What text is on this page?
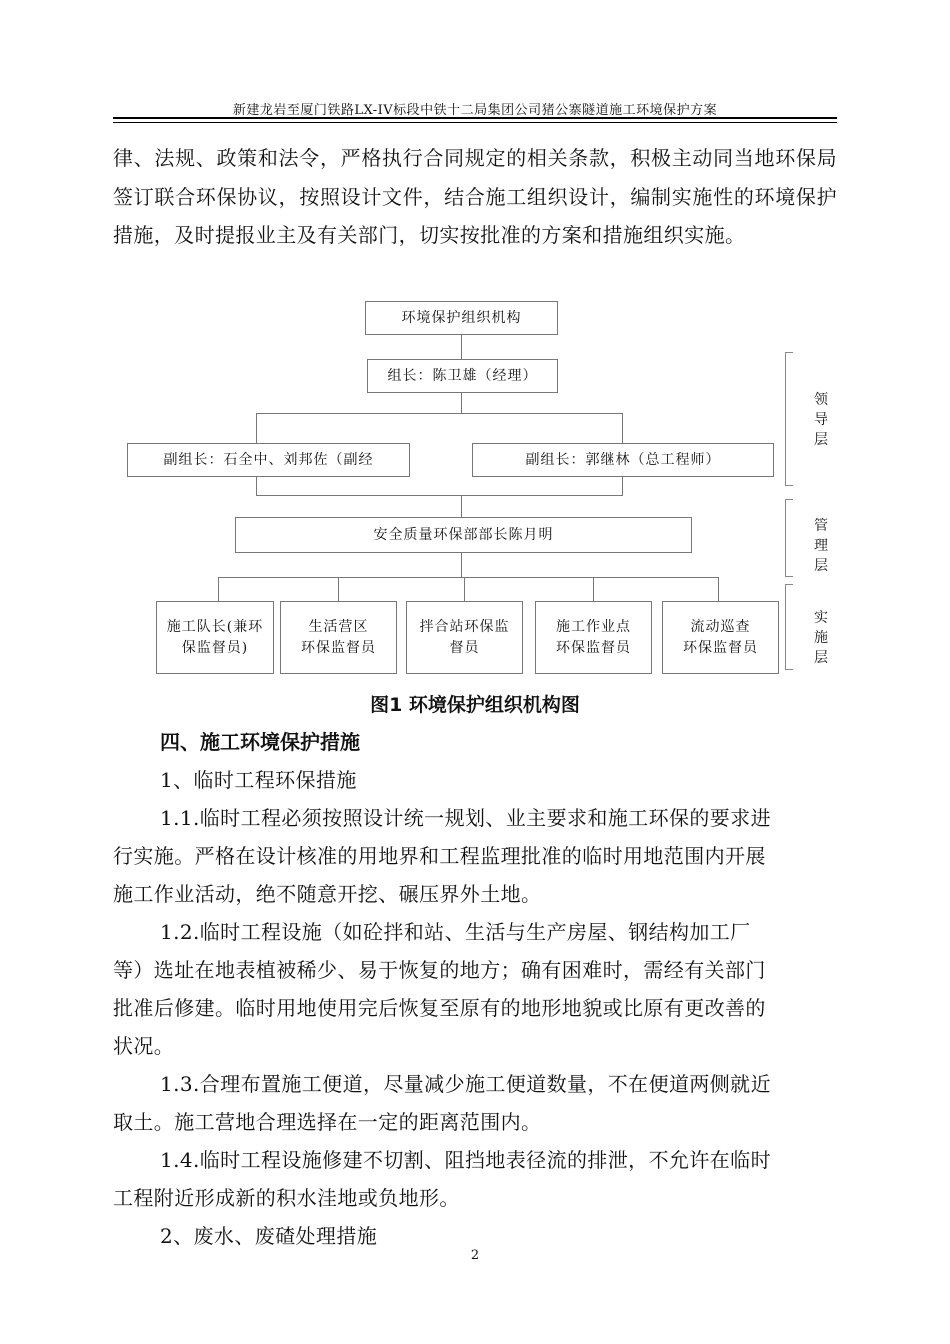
新建龙岩至厦门铁路LX-IV标段中铁十二局集团公司猪公寨隧道施工环境保护方案
律、法规、政策和法令，严格执行合同规定的相关条款，积极主动同当地环保局签订联合环保协议，按照设计文件，结合施工组织设计，编制实施性的环境保护措施，及时提报业主及有关部门，切实按批准的方案和措施组织实施。
环境保护组织机构
组长：陈卫雄（经理）
副组长：石全中、刘邦佐（副经	副组长：郭继林（总工程师）
安全质量环保部部长陈月明
施工队长(兼环
保监督员)
生活营区
环保监督员
拌合站环保监
督员
施工作业点
环保监督员
流动巡查
环保监督员
领
导
层
管
理
层
实
施
层
图1 环境保护组织机构图
四、施工环境保护措施
1、临时工程环保措施
1.1.临时工程必须按照设计统一规划、业主要求和施工环保的要求进
行实施。严格在设计核准的用地界和工程监理批准的临时用地范围内开展
施工作业活动，绝不随意开挖、碾压界外土地。
1.2.临时工程设施（如砼拌和站、生活与生产房屋、钢结构加工厂
等）选址在地表植被稀少、易于恢复的地方；确有困难时，需经有关部门
批准后修建。临时用地使用完后恢复至原有的地形地貌或比原有更改善的
状况。
1.3.合理布置施工便道，尽量减少施工便道数量，不在便道两侧就近
取土。施工营地合理选择在一定的距离范围内。
1.4.临时工程设施修建不切割、阻挡地表径流的排泄，不允许在临时
工程附近形成新的积水洼地或负地形。
2、废水、废碴处理措施
2
